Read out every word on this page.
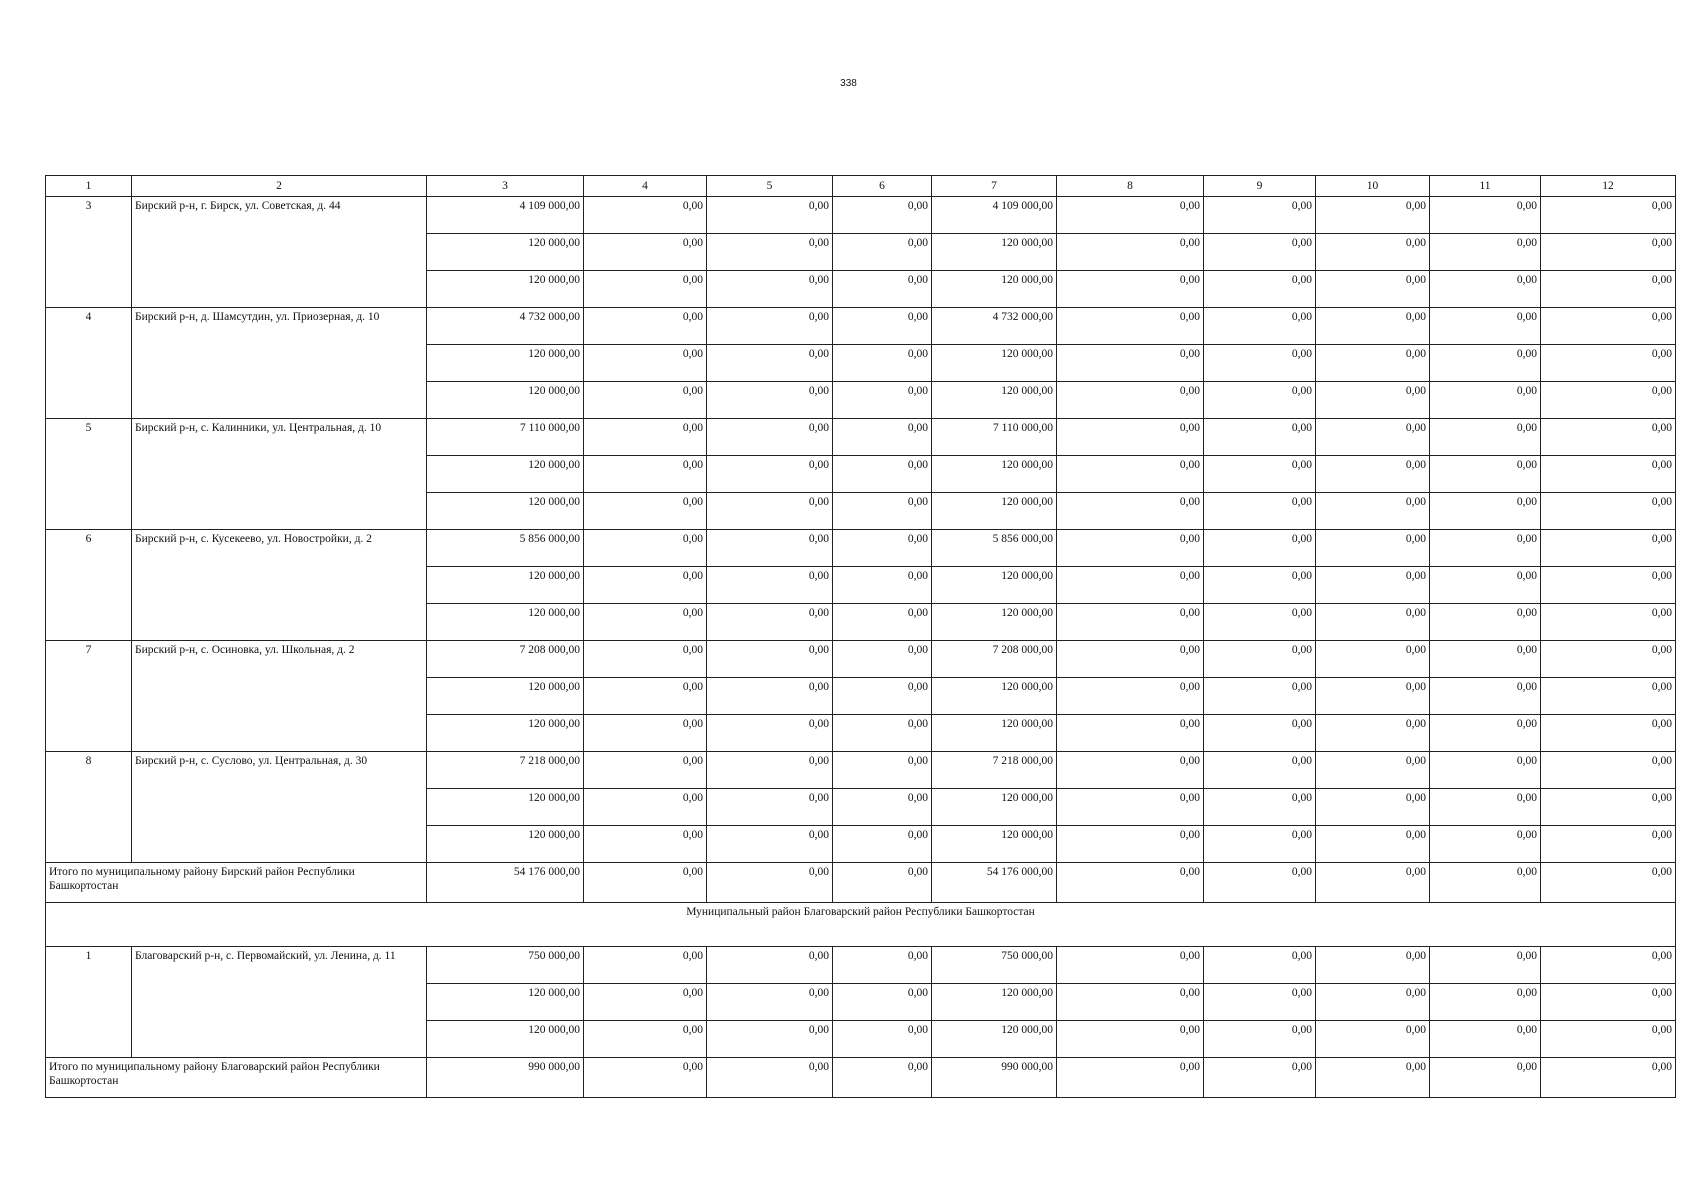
338
1	2	3	4	5	6	7	8	9	10	11	12
3	Бирский р-н, г. Бирск, ул. Советская, д. 44	4 109 000,00	0,00	0,00	0,00	4 109 000,00	0,00	0,00	0,00	0,00	0,00
		120 000,00	0,00	0,00	0,00	120 000,00	0,00	0,00	0,00	0,00	0,00
		120 000,00	0,00	0,00	0,00	120 000,00	0,00	0,00	0,00	0,00	0,00
4	Бирский р-н, д. Шамсутдин, ул. Приозерная, д. 10	4 732 000,00	0,00	0,00	0,00	4 732 000,00	0,00	0,00	0,00	0,00	0,00
		120 000,00	0,00	0,00	0,00	120 000,00	0,00	0,00	0,00	0,00	0,00
		120 000,00	0,00	0,00	0,00	120 000,00	0,00	0,00	0,00	0,00	0,00
5	Бирский р-н, с. Калинники, ул. Центральная, д. 10	7 110 000,00	0,00	0,00	0,00	7 110 000,00	0,00	0,00	0,00	0,00	0,00
		120 000,00	0,00	0,00	0,00	120 000,00	0,00	0,00	0,00	0,00	0,00
		120 000,00	0,00	0,00	0,00	120 000,00	0,00	0,00	0,00	0,00	0,00
6	Бирский р-н, с. Кусекеево, ул. Новостройки, д. 2	5 856 000,00	0,00	0,00	0,00	5 856 000,00	0,00	0,00	0,00	0,00	0,00
		120 000,00	0,00	0,00	0,00	120 000,00	0,00	0,00	0,00	0,00	0,00
		120 000,00	0,00	0,00	0,00	120 000,00	0,00	0,00	0,00	0,00	0,00
7	Бирский р-н, с. Осиновка, ул. Школьная, д. 2	7 208 000,00	0,00	0,00	0,00	7 208 000,00	0,00	0,00	0,00	0,00	0,00
		120 000,00	0,00	0,00	0,00	120 000,00	0,00	0,00	0,00	0,00	0,00
		120 000,00	0,00	0,00	0,00	120 000,00	0,00	0,00	0,00	0,00	0,00
8	Бирский р-н, с. Суслово, ул. Центральная, д. 30	7 218 000,00	0,00	0,00	0,00	7 218 000,00	0,00	0,00	0,00	0,00	0,00
		120 000,00	0,00	0,00	0,00	120 000,00	0,00	0,00	0,00	0,00	0,00
		120 000,00	0,00	0,00	0,00	120 000,00	0,00	0,00	0,00	0,00	0,00
Итого по муниципальному району Бирский район Республики Башкортостан		54 176 000,00	0,00	0,00	0,00	54 176 000,00	0,00	0,00	0,00	0,00	0,00
Муниципальный район Благоварский район Республики Башкортостан											
1	Благоварский р-н, с. Первомайский, ул. Ленина, д. 11	750 000,00	0,00	0,00	0,00	750 000,00	0,00	0,00	0,00	0,00	0,00
		120 000,00	0,00	0,00	0,00	120 000,00	0,00	0,00	0,00	0,00	0,00
		120 000,00	0,00	0,00	0,00	120 000,00	0,00	0,00	0,00	0,00	0,00
Итого по муниципальному району Благоварский район Республики Башкортостан		990 000,00	0,00	0,00	0,00	990 000,00	0,00	0,00	0,00	0,00	0,00
